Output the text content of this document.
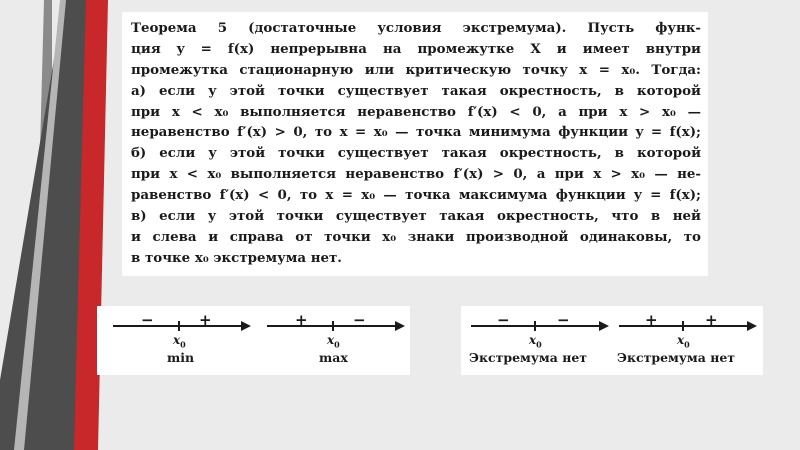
Теорема 5 (достаточные условия экстремума). Пусть функ-
ция y = f(x) непрерывна на промежутке X и имеет внутри
промежутка стационарную или критическую точку x = x₀. Тогда:
а) если у этой точки существует такая окрестность, в которой
при x < x₀ выполняется неравенство f′(x) < 0, а при x > x₀ —
неравенство f′(x) > 0, то x = x₀ — точка минимума функции y = f(x);
б) если у этой точки существует такая окрестность, в которой
при x < x₀ выполняется неравенство f′(x) > 0, а при x > x₀ — не-
равенство f′(x) < 0, то x = x₀ — точка максимума функции y = f(x);
в) если у этой точки существует такая окрестность, что в ней
и слева и справа от точки x₀ знаки производной одинаковы, то
в точке x₀ экстремума нет.
−	+
$x_0$
min
+	−
$x_0$
max
−	−
$x_0$
Экстремума нет
+	+
$x_0$
Экстремума нет
